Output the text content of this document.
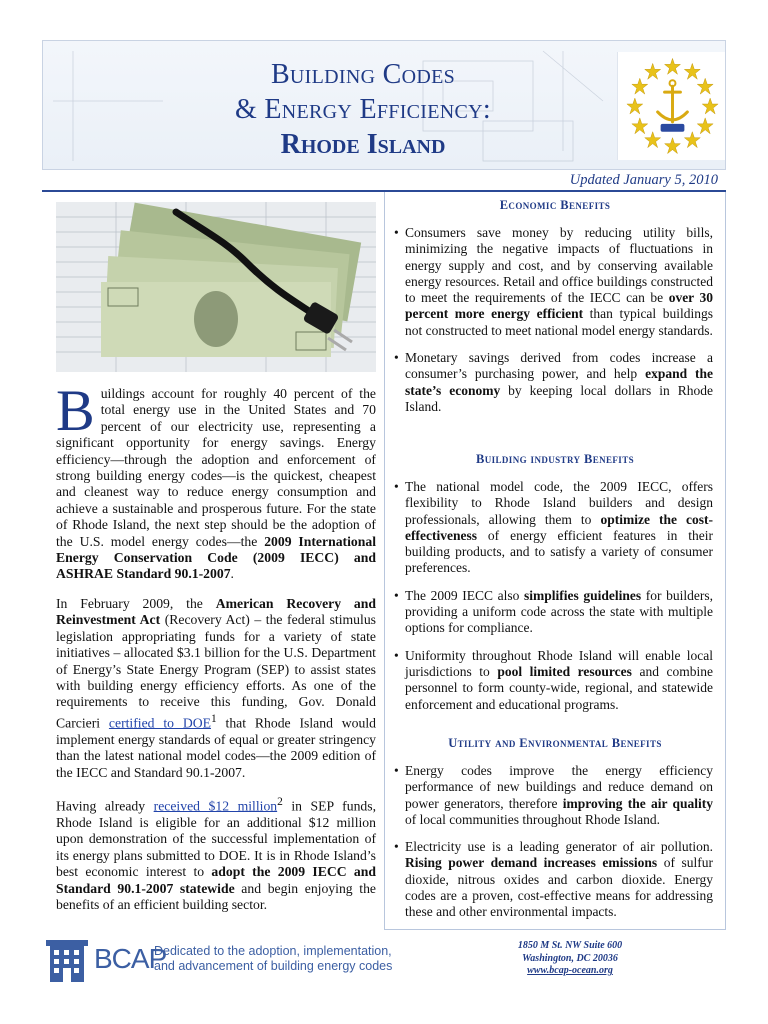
Building Codes
& Energy Efficiency:
Rhode Island
Updated January 5, 2010

Buildings account for roughly 40 percent of the total energy use in the United States and 70 percent of our electricity use, representing a significant opportunity for energy savings. Energy efficiency—through the adoption and enforcement of strong building energy codes—is the quickest, cheapest and cleanest way to reduce energy consumption and achieve a sustainable and prosperous future. For the state of Rhode Island, the next step should be the adoption of the U.S. model energy codes—the 2009 International Energy Conservation Code (2009 IECC) and ASHRAE Standard 90.1-2007.

In February 2009, the American Recovery and Reinvestment Act (Recovery Act) – the federal stimulus legislation appropriating funds for a variety of state initiatives – allocated $3.1 billion for the U.S. Department of Energy’s State Energy Program (SEP) to assist states with building energy efficiency efforts. As one of the requirements to receive this funding, Gov. Donald Carcieri certified to DOE$^1$ that Rhode Island would implement energy standards of equal or greater stringency than the latest national model codes—the 2009 edition of the IECC and Standard 90.1-2007.

Having already received $12 million$^2$ in SEP funds, Rhode Island is eligible for an additional $12 million upon demonstration of the successful implementation of its energy plans submitted to DOE. It is in Rhode Island’s best economic interest to adopt the 2009 IECC and Standard 90.1-2007 statewide and begin enjoying the benefits of an efficient building sector.

Economic Benefits
• Consumers save money by reducing utility bills, minimizing the negative impacts of fluctuations in energy supply and cost, and by conserving available energy resources. Retail and office buildings constructed to meet the requirements of the IECC can be over 30 percent more energy efficient than typical buildings not constructed to meet national model energy standards.
• Monetary savings derived from codes increase a consumer’s purchasing power, and help expand the state’s economy by keeping local dollars in Rhode Island.
Building industry Benefits
• The national model code, the 2009 IECC, offers flexibility to Rhode Island builders and design professionals, allowing them to optimize the cost-effectiveness of energy efficient features in their building products, and to satisfy a variety of consumer preferences.
• The 2009 IECC also simplifies guidelines for builders, providing a uniform code across the state with multiple options for compliance.
• Uniformity throughout Rhode Island will enable local jurisdictions to pool limited resources and combine personnel to form county-wide, regional, and statewide enforcement and educational programs.
Utility and Environmental Benefits
• Energy codes improve the energy efficiency performance of new buildings and reduce demand on power generators, therefore improving the air quality of local communities throughout Rhode Island.
• Electricity use is a leading generator of air pollution. Rising power demand increases emissions of sulfur dioxide, nitrous oxides and carbon dioxide. Energy codes are a proven, cost-effective means for addressing these and other environmental impacts.
BCAP
Dedicated to the adoption, implementation,
and advancement of building energy codes
1850 M St. NW Suite 600
Washington, DC 20036
www.bcap-ocean.org
